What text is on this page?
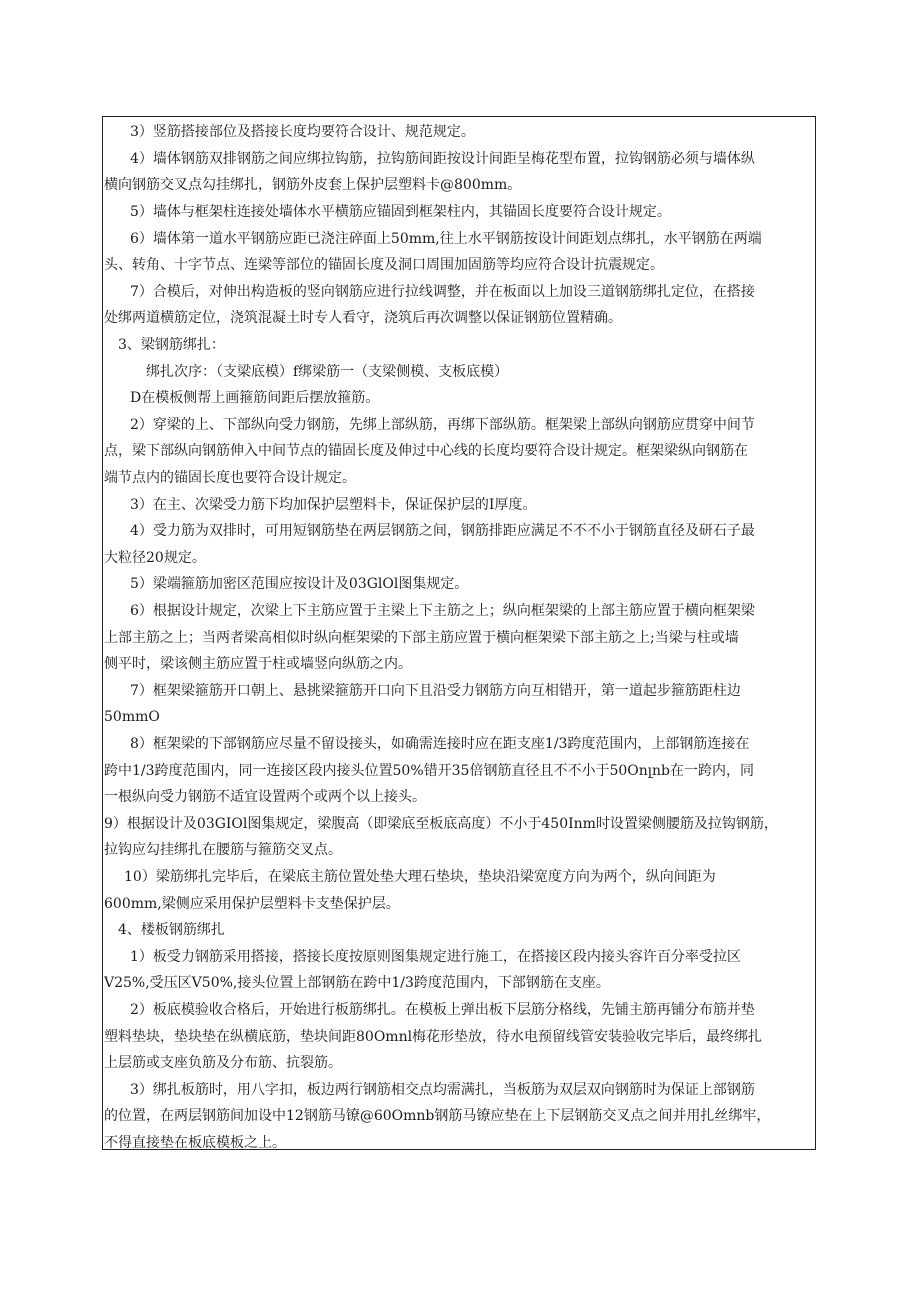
3）竖筋搭接部位及搭接长度均要符合设计、规范规定。
4）墙体钢筋双排钢筋之间应绑拉钩筋，拉钩筋间距按设计间距呈梅花型布置，拉钩钢筋必须与墙体纵
横向钢筋交叉点勾挂绑扎，钢筋外皮套上保护层塑料卡@800mm。
5）墙体与框架柱连接处墙体水平横筋应锚固到框架柱内，其锚固长度要符合设计规定。
6）墙体第一道水平钢筋应距已浇注碎面上50mm,往上水平钢筋按设计间距划点绑扎，水平钢筋在两端
头、转角、十字节点、连梁等部位的锚固长度及洞口周围加固筋等均应符合设计抗震规定。
7）合模后，对伸出构造板的竖向钢筋应进行拉线调整，并在板面以上加设三道钢筋绑扎定位，在搭接
处绑两道横筋定位，浇筑混凝土时专人看守，浇筑后再次调整以保证钢筋位置精确。
3、梁钢筋绑扎：
绑扎次序：（支梁底模）f绑梁筋一（支梁侧模、支板底模）
D在模板侧帮上画箍筋间距后摆放箍筋。
2）穿梁的上、下部纵向受力钢筋，先绑上部纵筋，再绑下部纵筋。框架梁上部纵向钢筋应贯穿中间节
点，梁下部纵向钢筋伸入中间节点的锚固长度及伸过中心线的长度均要符合设计规定。框架梁纵向钢筋在
端节点内的锚固长度也要符合设计规定。
3）在主、次梁受力筋下均加保护层塑料卡，保证保护层的I厚度。
4）受力筋为双排时，可用短钢筋垫在两层钢筋之间，钢筋排距应满足不不不小于钢筋直径及研石子最
大粒径20规定。
5）梁端箍筋加密区范围应按设计及03GlOl图集规定。
6）根据设计规定，次梁上下主筋应置于主梁上下主筋之上；纵向框架梁的上部主筋应置于横向框架梁
上部主筋之上；当两者梁高相似时纵向框架梁的下部主筋应置于横向框架梁下部主筋之上;当梁与柱或墙
侧平时，梁该侧主筋应置于柱或墙竖向纵筋之内。
7）框架梁箍筋开口朝上、悬挑梁箍筋开口向下且沿受力钢筋方向互相错开，第一道起步箍筋距柱边
50mmO
8）框架梁的下部钢筋应尽量不留设接头，如确需连接时应在距支座1/3跨度范围内，上部钢筋连接在
跨中1/3跨度范围内，同一连接区段内接头位置50%错开35倍钢筋直径且不不小于50Onլnb在一跨内，同
一根纵向受力钢筋不适宜设置两个或两个以上接头。
9）根据设计及03GIOl图集规定，梁腹高（即梁底至板底高度）不小于450Inm时设置梁侧腰筋及拉钩钢筋，
拉钩应勾挂绑扎在腰筋与箍筋交叉点。
10）梁筋绑扎完毕后，在梁底主筋位置处垫大理石垫块，垫块沿梁宽度方向为两个，纵向间距为
600mm,梁侧应采用保护层塑料卡支垫保护层。
4、楼板钢筋绑扎
1）板受力钢筋采用搭接，搭接长度按原则图集规定进行施工，在搭接区段内接头容许百分率受拉区
V25%,受压区V50%,接头位置上部钢筋在跨中1/3跨度范围内，下部钢筋在支座。
2）板底模验收合格后，开始进行板筋绑扎。在模板上弹出板下层筋分格线，先铺主筋再铺分布筋并垫
塑料垫块，垫块垫在纵横底筋，垫块间距80Omnl梅花形垫放，待水电预留线管安装验收完毕后，最终绑扎
上层筋或支座负筋及分布筋、抗裂筋。
3）绑扎板筋时，用八字扣，板边两行钢筋相交点均需满扎，当板筋为双层双向钢筋时为保证上部钢筋
的位置，在两层钢筋间加设中12钢筋马镣@60Omnb钢筋马镣应垫在上下层钢筋交叉点之间并用扎丝绑牢，
不得直接垫在板底模板之上。
